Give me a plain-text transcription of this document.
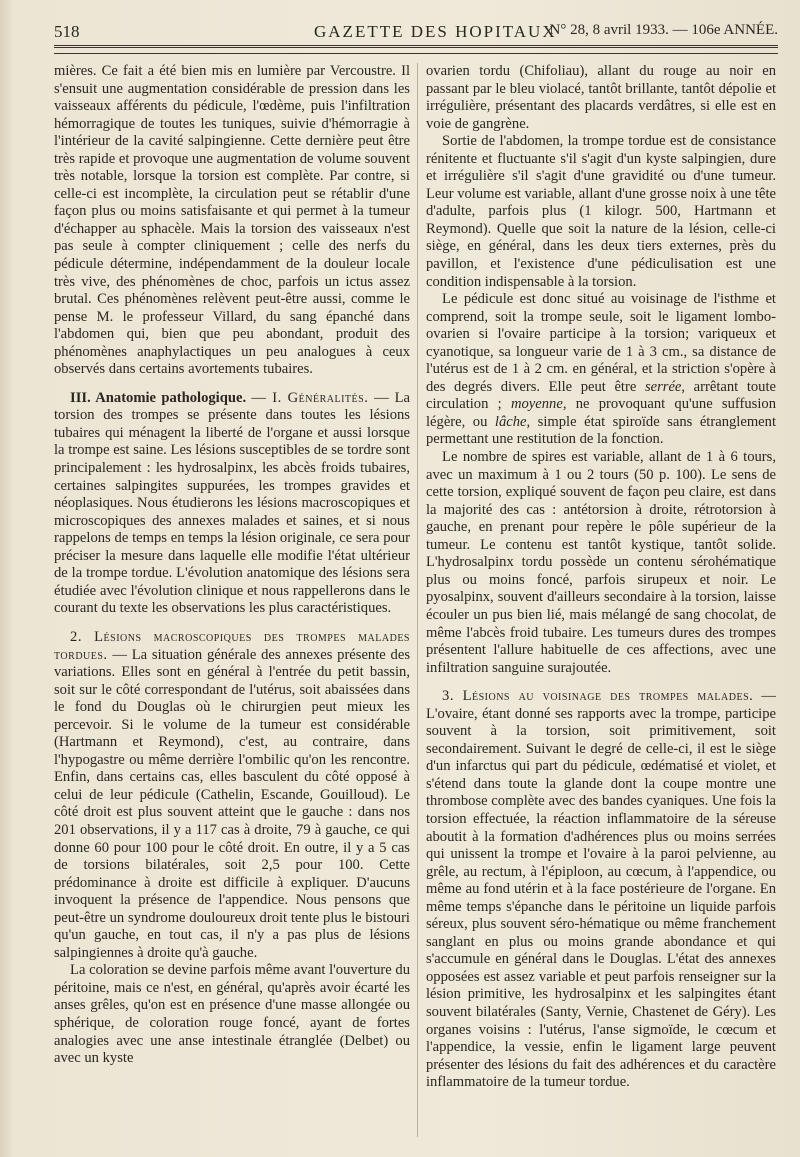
518	GAZETTE DES HOPITAUX
N° 28, 8 avril 1933. — 106e ANNÉE.

mières. Ce fait a été bien mis en lumière par Vercoustre. Il s'ensuit une augmentation considérable de pression dans les vaisseaux afférents du pédicule, l'œdème, puis l'infiltration hémorragique de toutes les tuniques, suivie d'hémorragie à l'intérieur de la cavité salpingienne. Cette dernière peut être très rapide et provoque une augmentation de volume souvent très notable, lorsque la torsion est complète. Par contre, si celle-ci est incomplète, la circulation peut se rétablir d'une façon plus ou moins satisfaisante et qui permet à la tumeur d'échapper au sphacèle. Mais la torsion des vaisseaux n'est pas seule à compter cliniquement ; celle des nerfs du pédicule détermine, indépendamment de la douleur locale très vive, des phénomènes de choc, parfois un ictus assez brutal. Ces phénomènes relèvent peut-être aussi, comme le pense M. le professeur Villard, du sang épanché dans l'abdomen qui, bien que peu abondant, produit des phénomènes anaphylactiques un peu analogues à ceux observés dans certains avortements tubaires.

III. Anatomie pathologique. — I. Généralités. — La torsion des trompes se présente dans toutes les lésions tubaires qui ménagent la liberté de l'organe et aussi lorsque la trompe est saine. Les lésions susceptibles de se tordre sont principalement : les hydrosalpinx, les abcès froids tubaires, certaines salpingites suppurées, les trompes gravides et néoplasiques. Nous étudierons les lésions macroscopiques et microscopiques des annexes malades et saines, et si nous rappelons de temps en temps la lésion originale, ce sera pour préciser la mesure dans laquelle elle modifie l'état ultérieur de la trompe tordue. L'évolution anatomique des lésions sera étudiée avec l'évolution clinique et nous rappellerons dans le courant du texte les observations les plus caractéristiques.

2. Lésions macroscopiques des trompes malades tordues. — La situation générale des annexes présente des variations. Elles sont en général à l'entrée du petit bassin, soit sur le côté correspondant de l'utérus, soit abaissées dans le fond du Douglas où le chirurgien peut mieux les percevoir. Si le volume de la tumeur est considérable (Hartmann et Reymond), c'est, au contraire, dans l'hypogastre ou même derrière l'ombilic qu'on les rencontre. Enfin, dans certains cas, elles basculent du côté opposé à celui de leur pédicule (Cathelin, Escande, Gouilloud). Le côté droit est plus souvent atteint que le gauche : dans nos 201 observations, il y a 117 cas à droite, 79 à gauche, ce qui donne 60 pour 100 pour le côté droit. En outre, il y a 5 cas de torsions bilatérales, soit 2,5 pour 100. Cette prédominance à droite est difficile à expliquer. D'aucuns invoquent la présence de l'appendice. Nous pensons que peut-être un syndrome douloureux droit tente plus le bistouri qu'un gauche, en tout cas, il n'y a pas plus de lésions salpingiennes à droite qu'à gauche.

La coloration se devine parfois même avant l'ouverture du péritoine, mais ce n'est, en général, qu'après avoir écarté les anses grêles, qu'on est en présence d'une masse allongée ou sphérique, de coloration rouge foncé, ayant de fortes analogies avec une anse intestinale étranglée (Delbet) ou avec un kyste

ovarien tordu (Chifoliau), allant du rouge au noir en passant par le bleu violacé, tantôt brillante, tantôt dépolie et irrégulière, présentant des placards verdâtres, si elle est en voie de gangrène.

Sortie de l'abdomen, la trompe tordue est de consistance rénitente et fluctuante s'il s'agit d'un kyste salpingien, dure et irrégulière s'il s'agit d'une gravidité ou d'une tumeur. Leur volume est variable, allant d'une grosse noix à une tête d'adulte, parfois plus (1 kilogr. 500, Hartmann et Reymond). Quelle que soit la nature de la lésion, celle-ci siège, en général, dans les deux tiers externes, près du pavillon, et l'existence d'une pédiculisation est une condition indispensable à la torsion.

Le pédicule est donc situé au voisinage de l'isthme et comprend, soit la trompe seule, soit le ligament lombo-ovarien si l'ovaire participe à la torsion; variqueux et cyanotique, sa longueur varie de 1 à 3 cm., sa distance de l'utérus est de 1 à 2 cm. en général, et la striction s'opère à des degrés divers. Elle peut être serrée, arrêtant toute circulation ; moyenne, ne provoquant qu'une suffusion légère, ou lâche, simple état spiroïde sans étranglement permettant une restitution de la fonction.

Le nombre de spires est variable, allant de 1 à 6 tours, avec un maximum à 1 ou 2 tours (50 p. 100). Le sens de cette torsion, expliqué souvent de façon peu claire, est dans la majorité des cas : antétorsion à droite, rétrotorsion à gauche, en prenant pour repère le pôle supérieur de la tumeur. Le contenu est tantôt kystique, tantôt solide. L'hydrosalpinx tordu possède un contenu sérohématique plus ou moins foncé, parfois sirupeux et noir. Le pyosalpinx, souvent d'ailleurs secondaire à la torsion, laisse écouler un pus bien lié, mais mélangé de sang chocolat, de même l'abcès froid tubaire. Les tumeurs dures des trompes présentent l'allure habituelle de ces affections, avec une infiltration sanguine surajoutée.

3. Lésions au voisinage des trompes malades. — L'ovaire, étant donné ses rapports avec la trompe, participe souvent à la torsion, soit primitivement, soit secondairement. Suivant le degré de celle-ci, il est le siège d'un infarctus qui part du pédicule, œdématisé et violet, et s'étend dans toute la glande dont la coupe montre une thrombose complète avec des bandes cyaniques. Une fois la torsion effectuée, la réaction inflammatoire de la séreuse aboutit à la formation d'adhérences plus ou moins serrées qui unissent la trompe et l'ovaire à la paroi pelvienne, au grêle, au rectum, à l'épiploon, au cœcum, à l'appendice, ou même au fond utérin et à la face postérieure de l'organe. En même temps s'épanche dans le péritoine un liquide parfois séreux, plus souvent séro-hématique ou même franchement sanglant en plus ou moins grande abondance et qui s'accumule en général dans le Douglas. L'état des annexes opposées est assez variable et peut parfois renseigner sur la lésion primitive, les hydrosalpinx et les salpingites étant souvent bilatérales (Santy, Vernie, Chastenet de Géry). Les organes voisins : l'utérus, l'anse sigmoïde, le cœcum et l'appendice, la vessie, enfin le ligament large peuvent présenter des lésions du fait des adhérences et du caractère inflammatoire de la tumeur tordue.
